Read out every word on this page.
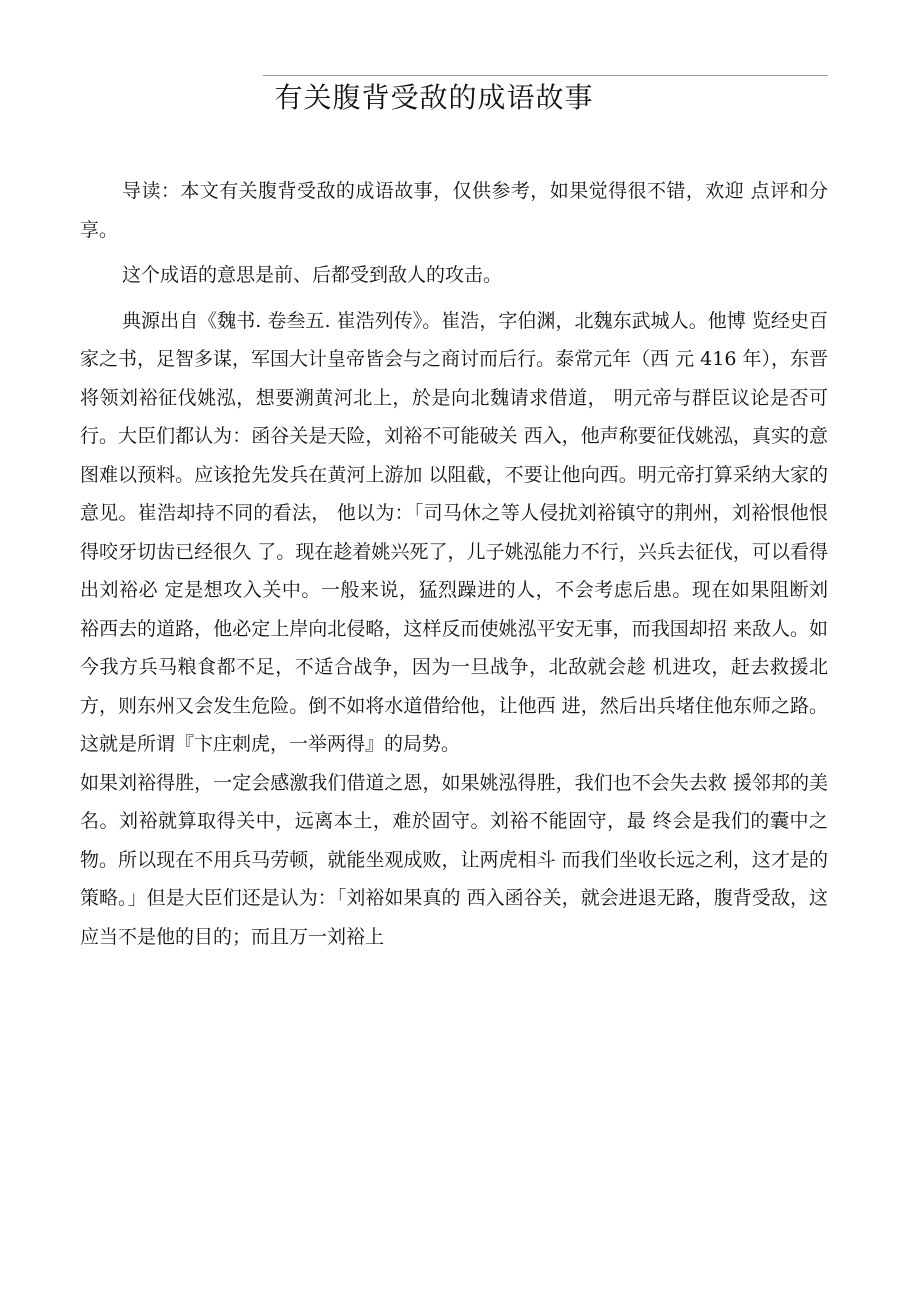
有关腹背受敌的成语故事

导读：本文有关腹背受敌的成语故事，仅供参考，如果觉得很不错，欢迎 点评和分享。

这个成语的意思是前、后都受到敌人的攻击。

典源出自《魏书. 卷叁五. 崔浩列传》。崔浩，字伯渊，北魏东武城人。他博 览经史百家之书，足智多谋，军国大计皇帝皆会与之商讨而后行。泰常元年（西 元 416 年），东晋将领刘裕征伐姚泓，想要溯黄河北上，於是向北魏请求借道， 明元帝与群臣议论是否可行。大臣们都认为：函谷关是天险，刘裕不可能破关 西入，他声称要征伐姚泓，真实的意图难以预料。应该抢先发兵在黄河上游加 以阻截，不要让他向西。明元帝打算采纳大家的意见。崔浩却持不同的看法， 他以为：「司马休之等人侵扰刘裕镇守的荆州，刘裕恨他恨得咬牙切齿已经很久 了。现在趁着姚兴死了，儿子姚泓能力不行，兴兵去征伐，可以看得出刘裕必 定是想攻入关中。一般来说，猛烈躁进的人，不会考虑后患。现在如果阻断刘 裕西去的道路，他必定上岸向北侵略，这样反而使姚泓平安无事，而我国却招 来敌人。如今我方兵马粮食都不足，不适合战争，因为一旦战争，北敌就会趁 机进攻，赶去救援北方，则东州又会发生危险。倒不如将水道借给他，让他西 进，然后出兵堵住他东师之路。这就是所谓『卞庄刺虎，一举两得』的局势。

如果刘裕得胜，一定会感激我们借道之恩，如果姚泓得胜，我们也不会失去救 援邻邦的美名。刘裕就算取得关中，远离本土，难於固守。刘裕不能固守，最 终会是我们的囊中之物。所以现在不用兵马劳顿，就能坐观成败，让两虎相斗 而我们坐收长远之利，这才是的策略。」但是大臣们还是认为：「刘裕如果真的 西入函谷关，就会进退无路，腹背受敌，这应当不是他的目的；而且万一刘裕上
